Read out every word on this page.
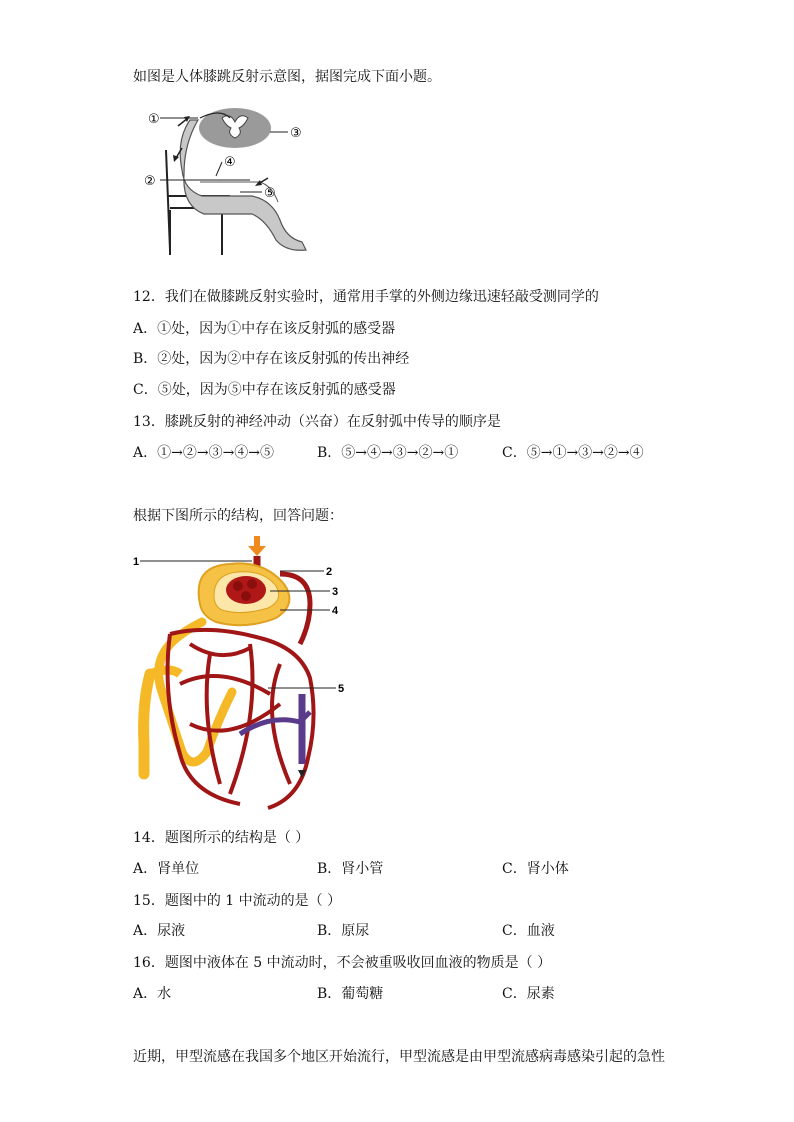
如图是人体膝跳反射示意图，据图完成下面小题。
①
③
④
②
⑤
12．我们在做膝跳反射实验时，通常用手掌的外侧边缘迅速轻敲受测同学的
A．①处，因为①中存在该反射弧的感受器
B．②处，因为②中存在该反射弧的传出神经
C．⑤处，因为⑤中存在该反射弧的感受器
13．膝跳反射的神经冲动（兴奋）在反射弧中传导的顺序是
A．①→②→③→④→⑤	B．⑤→④→③→②→①	C．⑤→①→③→②→④
根据下图所示的结构，回答问题：
1
2
3
4
5
14．题图所示的结构是（ ）
A．肾单位	B．肾小管	C．肾小体
15．题图中的 1 中流动的是（ ）
A．尿液	B．原尿	C．血液
16．题图中液体在 5 中流动时，不会被重吸收回血液的物质是（ ）
A．水	B．葡萄糖	C．尿素
近期，甲型流感在我国多个地区开始流行，甲型流感是由甲型流感病毒感染引起的急性
